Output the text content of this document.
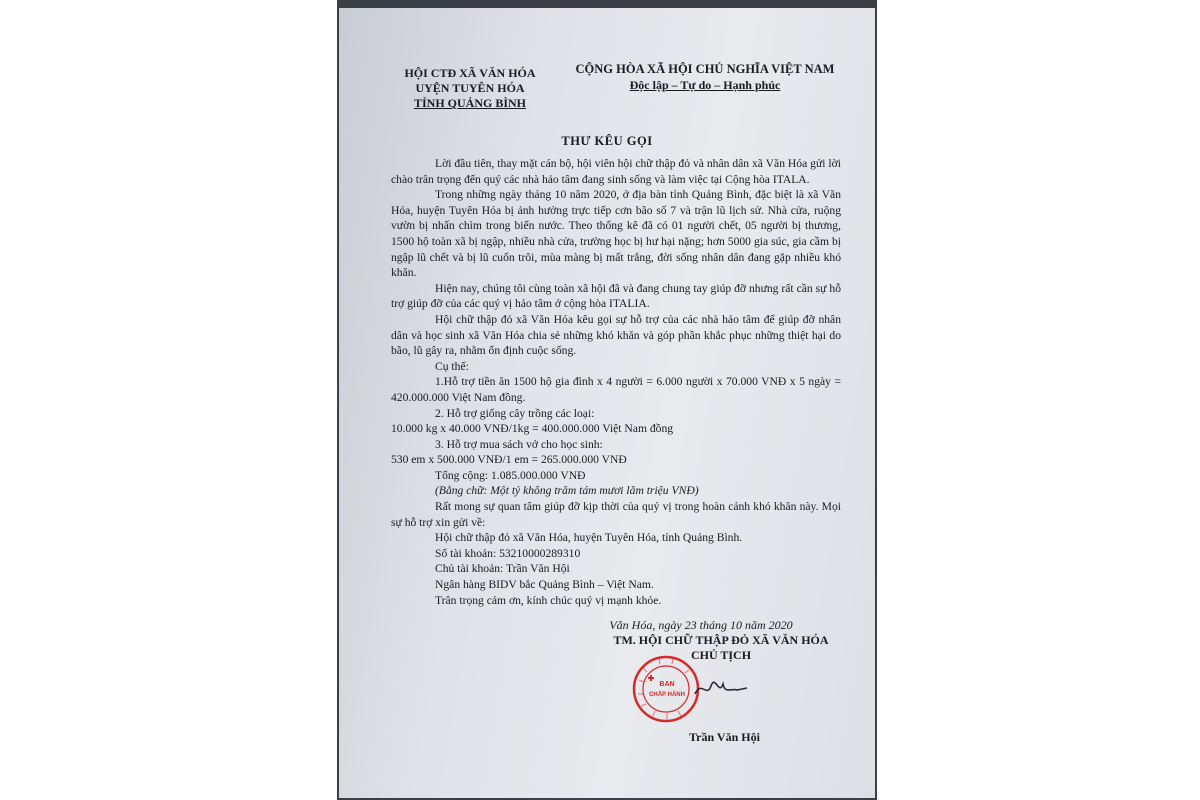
HỘI CTĐ XÃ VĂN HÓA
UYỆN TUYÊN HÓA
TỈNH QUẢNG BÌNH
CỘNG HÒA XÃ HỘI CHỦ NGHĨA VIỆT NAM
Độc lập – Tự do – Hạnh phúc
THƯ KÊU GỌI

Lời đầu tiên, thay mặt cán bộ, hội viên hội chữ thập đỏ và nhân dân xã Văn Hóa gửi lời chào trân trọng đến quý các nhà hảo tâm đang sinh sống và làm việc tại Cộng hòa ITALA.

Trong những ngày tháng 10 năm 2020, ở địa bàn tỉnh Quảng Bình, đặc biệt là xã Văn Hóa, huyện Tuyên Hóa bị ảnh hưởng trực tiếp cơn bão số 7 và trận lũ lịch sử. Nhà cửa, ruộng vườn bị nhấn chìm trong biển nước. Theo thống kê đã có 01 người chết, 05 người bị thương, 1500 hộ toàn xã bị ngập, nhiều nhà cửa, trường học bị hư hại nặng; hơn 5000 gia súc, gia cầm bị ngập lũ chết và bị lũ cuốn trôi, mùa màng bị mất trắng, đời sống nhân dân đang gặp nhiều khó khăn.

Hiện nay, chúng tôi cùng toàn xã hội đã và đang chung tay giúp đỡ nhưng rất cần sự hỗ trợ giúp đỡ của các quý vị hảo tâm ở cộng hòa ITALIA.

Hội chữ thập đỏ xã Văn Hóa kêu gọi sự hỗ trợ của các nhà hảo tâm để giúp đỡ nhân dân và học sinh xã Văn Hóa chia sẻ những khó khăn và góp phần khắc phục những thiệt hại do bão, lũ gây ra, nhằm ổn định cuộc sống.

Cụ thể:

1.Hỗ trợ tiền ăn 1500 hộ gia đình x 4 người = 6.000 người x 70.000 VNĐ x 5 ngày = 420.000.000 Việt Nam đồng.

2. Hỗ trợ giống cây trồng các loại:

10.000 kg x 40.000 VNĐ/1kg = 400.000.000 Việt Nam đồng

3. Hỗ trợ mua sách vở cho học sinh:

530 em x 500.000 VNĐ/1 em = 265.000.000 VNĐ

Tổng cộng: 1.085.000.000 VNĐ

(Bằng chữ: Một tỷ không trăm tám mươi lăm triệu VNĐ)

Rất mong sự quan tâm giúp đỡ kịp thời của quý vị trong hoàn cảnh khó khăn này. Mọi sự hỗ trợ xin gửi về:

Hội chữ thập đỏ xã Văn Hóa, huyện Tuyên Hóa, tỉnh Quảng Bình.

Số tài khoản: 53210000289310

Chủ tài khoản: Trần Văn Hội

Ngân hàng BIDV bắc Quảng Bình – Việt Nam.

Trân trọng cảm ơn, kính chúc quý vị mạnh khỏe.

Văn Hóa, ngày 23 tháng 10 năm 2020
TM. HỘI CHỮ THẬP ĐỎ XÃ VĂN HÓA
CHỦ TỊCH
BAN
CHẤP HÀNH
Trần Văn Hội
